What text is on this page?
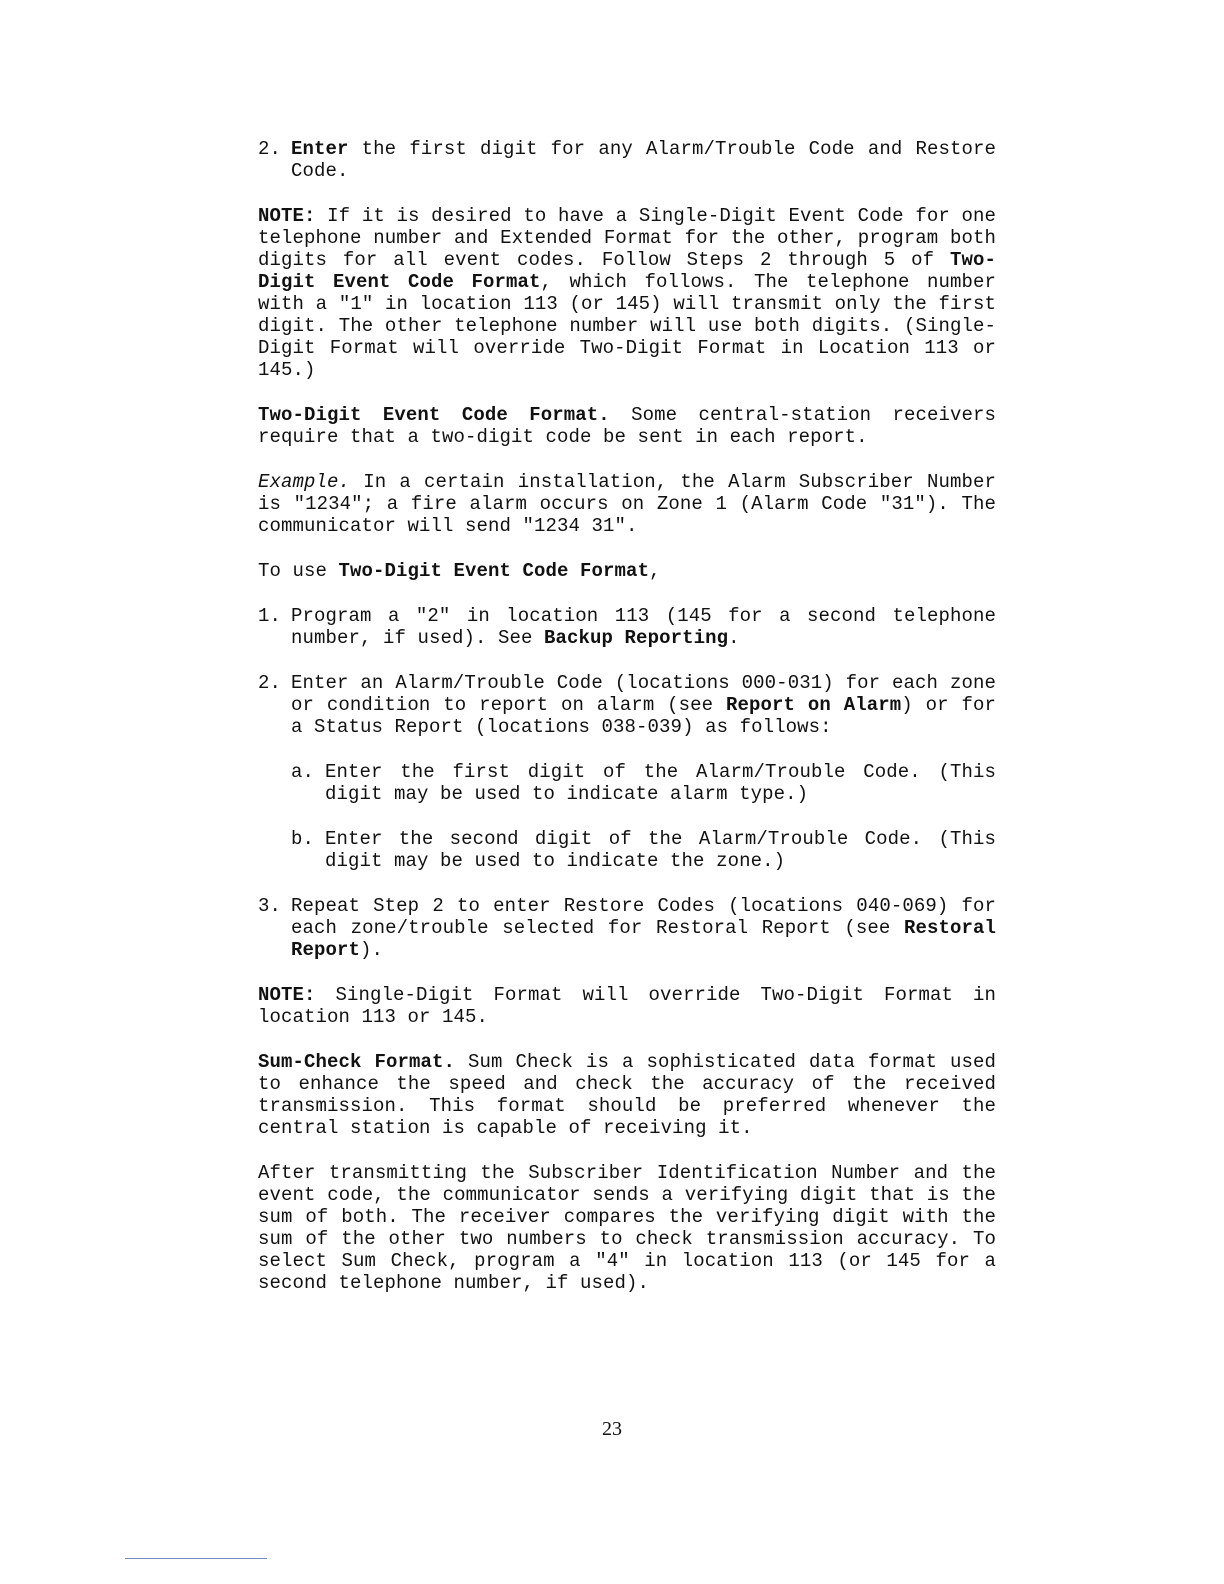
2. Enter the first digit for any Alarm/Trouble Code and Restore Code.

NOTE: If it is desired to have a Single-Digit Event Code for one telephone number and Extended Format for the other, program both digits for all event codes. Follow Steps 2 through 5 of Two-Digit Event Code Format, which follows. The telephone number with a "1" in location 113 (or 145) will transmit only the first digit. The other telephone number will use both digits. (Single-Digit Format will override Two-Digit Format in Location 113 or 145.)

Two-Digit Event Code Format. Some central-station receivers require that a two-digit code be sent in each report.

Example. In a certain installation, the Alarm Subscriber Number is "1234"; a fire alarm occurs on Zone 1 (Alarm Code "31"). The communicator will send "1234 31".

To use Two-Digit Event Code Format,

1. Program a "2" in location 113 (145 for a second telephone number, if used). See Backup Reporting.
2. Enter an Alarm/Trouble Code (locations 000-031) for each zone or condition to report on alarm (see Report on Alarm) or for a Status Report (locations 038-039) as follows:
a. Enter the first digit of the Alarm/Trouble Code. (This digit may be used to indicate alarm type.)
b. Enter the second digit of the Alarm/Trouble Code. (This digit may be used to indicate the zone.)
3. Repeat Step 2 to enter Restore Codes (locations 040-069) for each zone/trouble selected for Restoral Report (see Restoral Report).

NOTE: Single-Digit Format will override Two-Digit Format in location 113 or 145.

Sum-Check Format. Sum Check is a sophisticated data format used to enhance the speed and check the accuracy of the received transmission. This format should be preferred whenever the central station is capable of receiving it.

After transmitting the Subscriber Identification Number and the event code, the communicator sends a verifying digit that is the sum of both. The receiver compares the verifying digit with the sum of the other two numbers to check transmission accuracy. To select Sum Check, program a "4" in location 113 (or 145 for a second telephone number, if used).

23
